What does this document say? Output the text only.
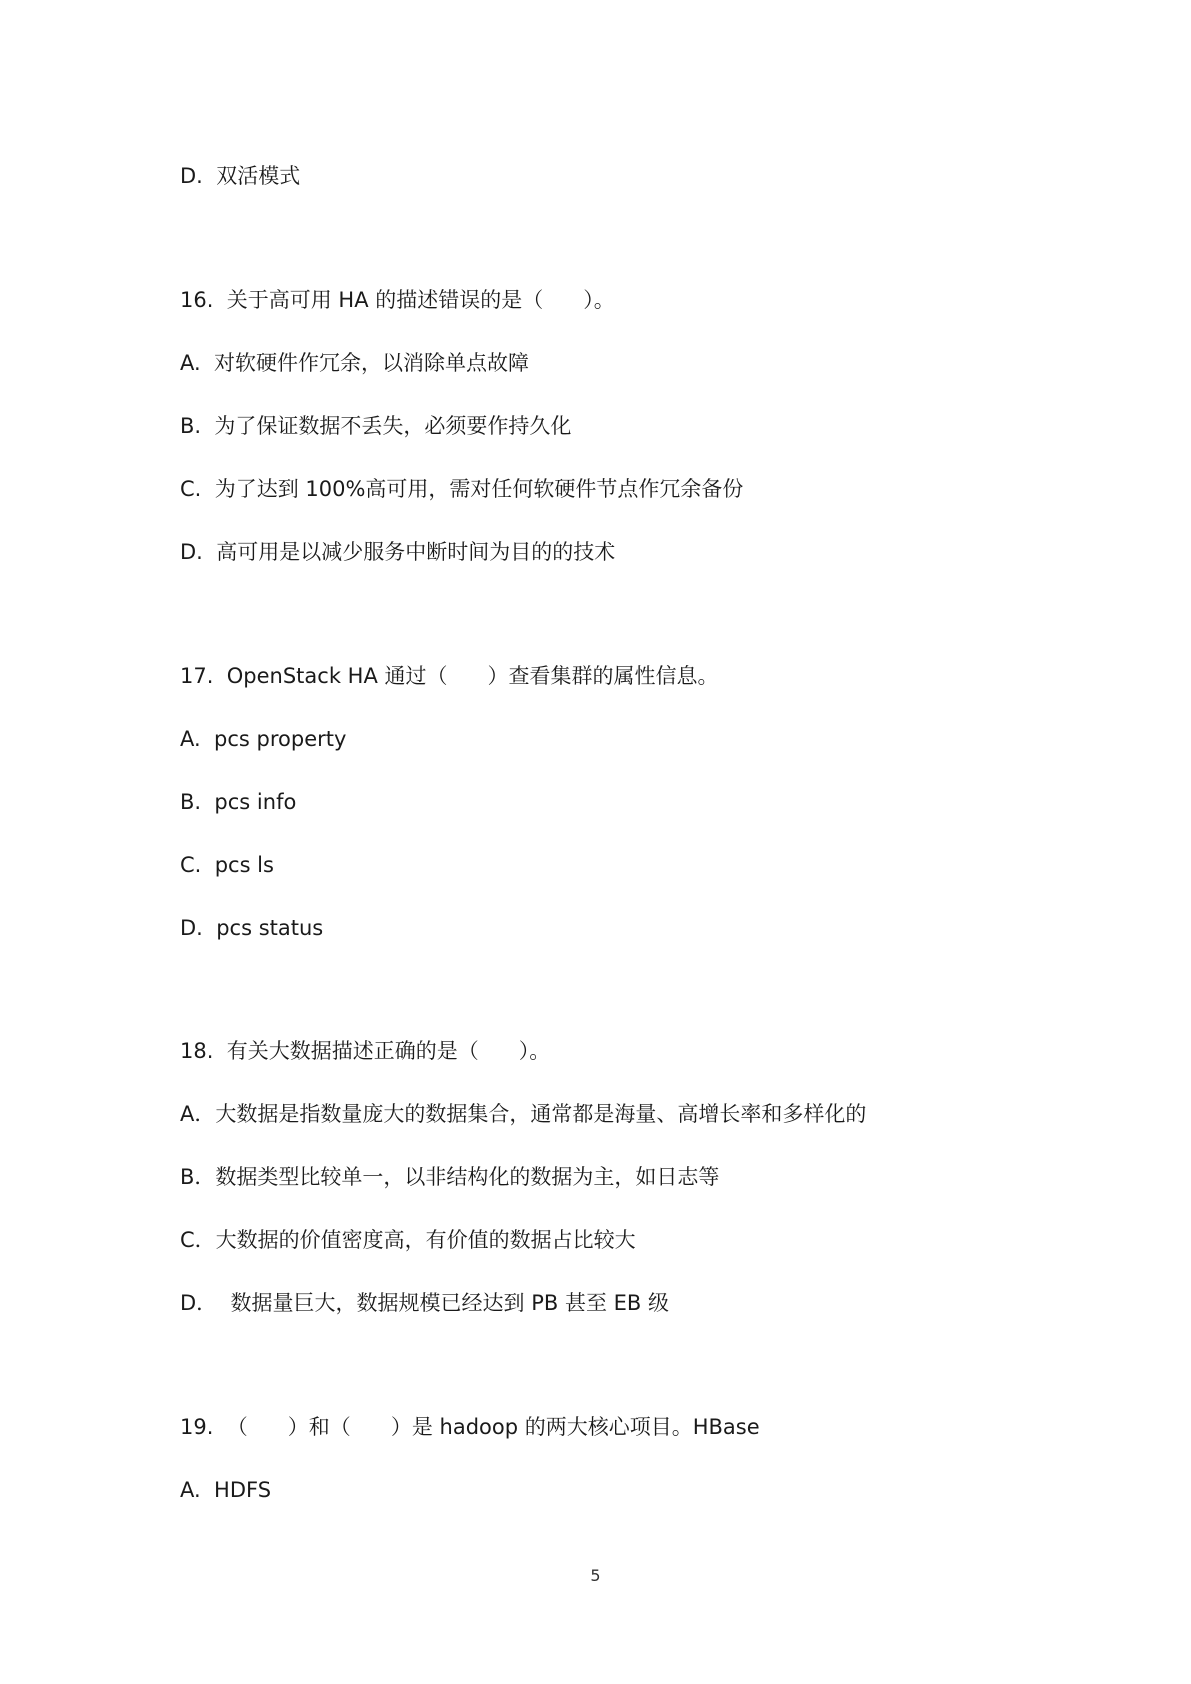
D.  双活模式
16.  关于高可用 HA 的描述错误的是（      ）。
A.  对软硬件作冗余，以消除单点故障
B.  为了保证数据不丢失，必须要作持久化
C.  为了达到 100%高可用，需对任何软硬件节点作冗余备份
D.  高可用是以减少服务中断时间为目的的技术
17.  OpenStack HA 通过（      ）查看集群的属性信息。
A.  pcs property
B.  pcs info
C.  pcs ls
D.  pcs status
18.  有关大数据描述正确的是（      ）。
A．大数据是指数量庞大的数据集合，通常都是海量、高增长率和多样化的
B．数据类型比较单一，以非结构化的数据为主，如日志等
C．大数据的价值密度高，有价值的数据占比较大
D．  数据量巨大，数据规模已经达到 PB 甚至 EB 级
19.  （      ）和（      ）是 hadoop 的两大核心项目。HBase
A.  HDFS
5
